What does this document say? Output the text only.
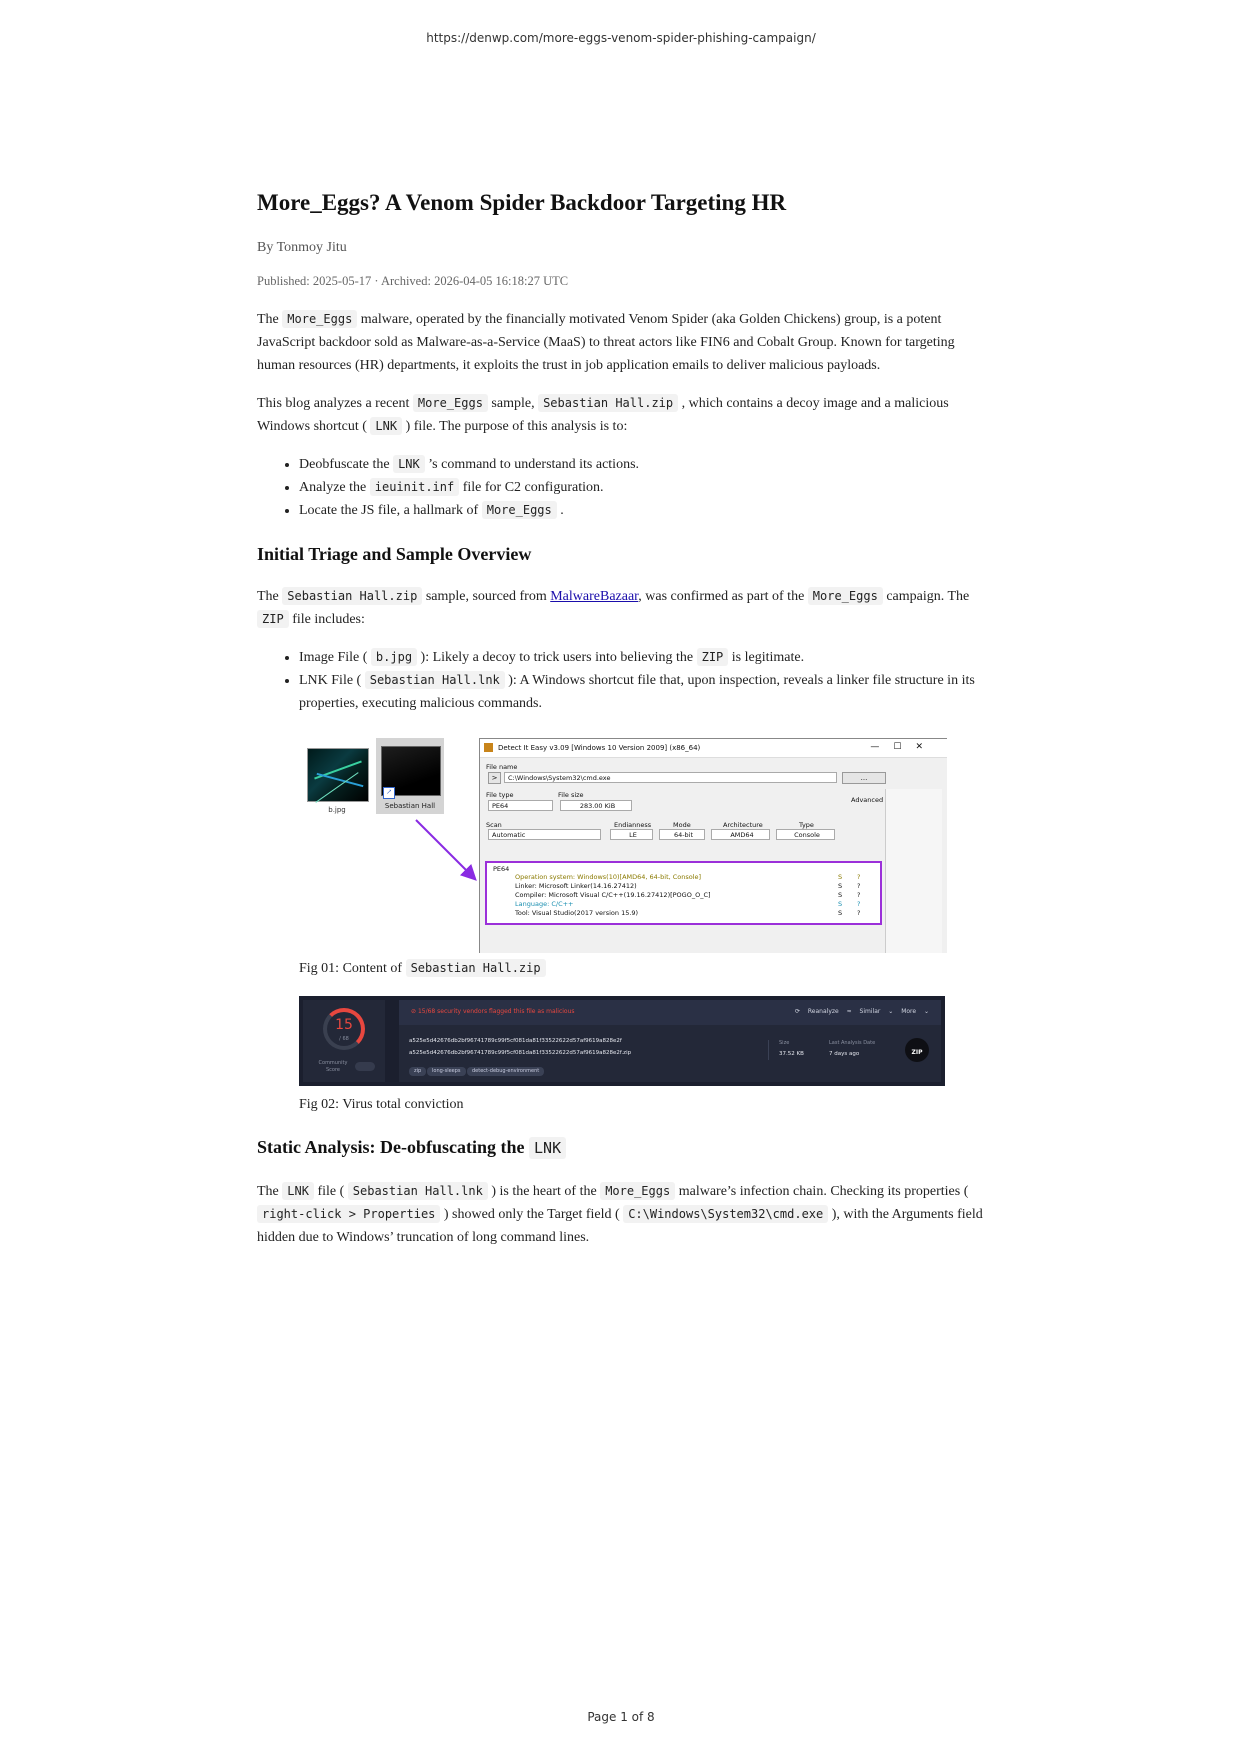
https://denwp.com/more-eggs-venom-spider-phishing-campaign/
More_Eggs? A Venom Spider Backdoor Targeting HR
By Tonmoy Jitu
Published: 2025-05-17 · Archived: 2026-04-05 16:18:27 UTC
The More_Eggs malware, operated by the financially motivated Venom Spider (aka Golden Chickens) group, is a potent JavaScript backdoor sold as Malware-as-a-Service (MaaS) to threat actors like FIN6 and Cobalt Group. Known for targeting human resources (HR) departments, it exploits the trust in job application emails to deliver malicious payloads.
This blog analyzes a recent More_Eggs sample, Sebastian Hall.zip , which contains a decoy image and a malicious Windows shortcut ( LNK ) file. The purpose of this analysis is to:
• Deobfuscate the LNK ’s command to understand its actions.
• Analyze the ieuinit.inf file for C2 configuration.
• Locate the JS file, a hallmark of More_Eggs .
Initial Triage and Sample Overview
The Sebastian Hall.zip sample, sourced from MalwareBazaar, was confirmed as part of the More_Eggs campaign. The ZIP file includes:
• Image File ( b.jpg ): Likely a decoy to trick users into believing the ZIP is legitimate.
• LNK File ( Sebastian Hall.lnk ): A Windows shortcut file that, upon inspection, reveals a linker file structure in its properties, executing malicious commands.
b.jpg
↗
Sebastian Hall
Detect It Easy v3.09 [Windows 10 Version 2009] (x86_64)	—☐✕
File name
>	C:\Windows\System32\cmd.exe	...
File type
PE64
File size
283.00 KiB
Advanced
Scan
Automatic
Endianness
LE
Mode
64-bit
Architecture
AMD64
Type
Console
PE64
Operation system: Windows(10)[AMD64, 64-bit, Console]	S ?
Linker: Microsoft Linker(14.16.27412)	S ?
Compiler: Microsoft Visual C/C++(19.16.27412)[POGO_O_C]	S ?
Language: C/C++	S ?
Tool: Visual Studio(2017 version 15.9)	S ?
Fig 01: Content of Sebastian Hall.zip
15
/ 68
Community Score
⊘ 15/68 security vendors flagged this file as malicious	⟳ Reanalyze ≈ Similar ⌄ More ⌄
a525e5d42676db2bf96741789c99f5cf081da81f33522622d57af9619a828e2f
a525e5d42676db2bf96741789c99f5cf081da81f33522622d57af9619a828e2f.zip
zip	long-sleeps	detect-debug-environment
Size
37.52 KB
Last Analysis Date
7 days ago	ZIP
Fig 02: Virus total conviction
Static Analysis: De-obfuscating the LNK
The LNK file ( Sebastian Hall.lnk ) is the heart of the More_Eggs malware’s infection chain. Checking its properties ( right-click > Properties ) showed only the Target field ( C:\Windows\System32\cmd.exe ), with the Arguments field hidden due to Windows’ truncation of long command lines.
Page 1 of 8
